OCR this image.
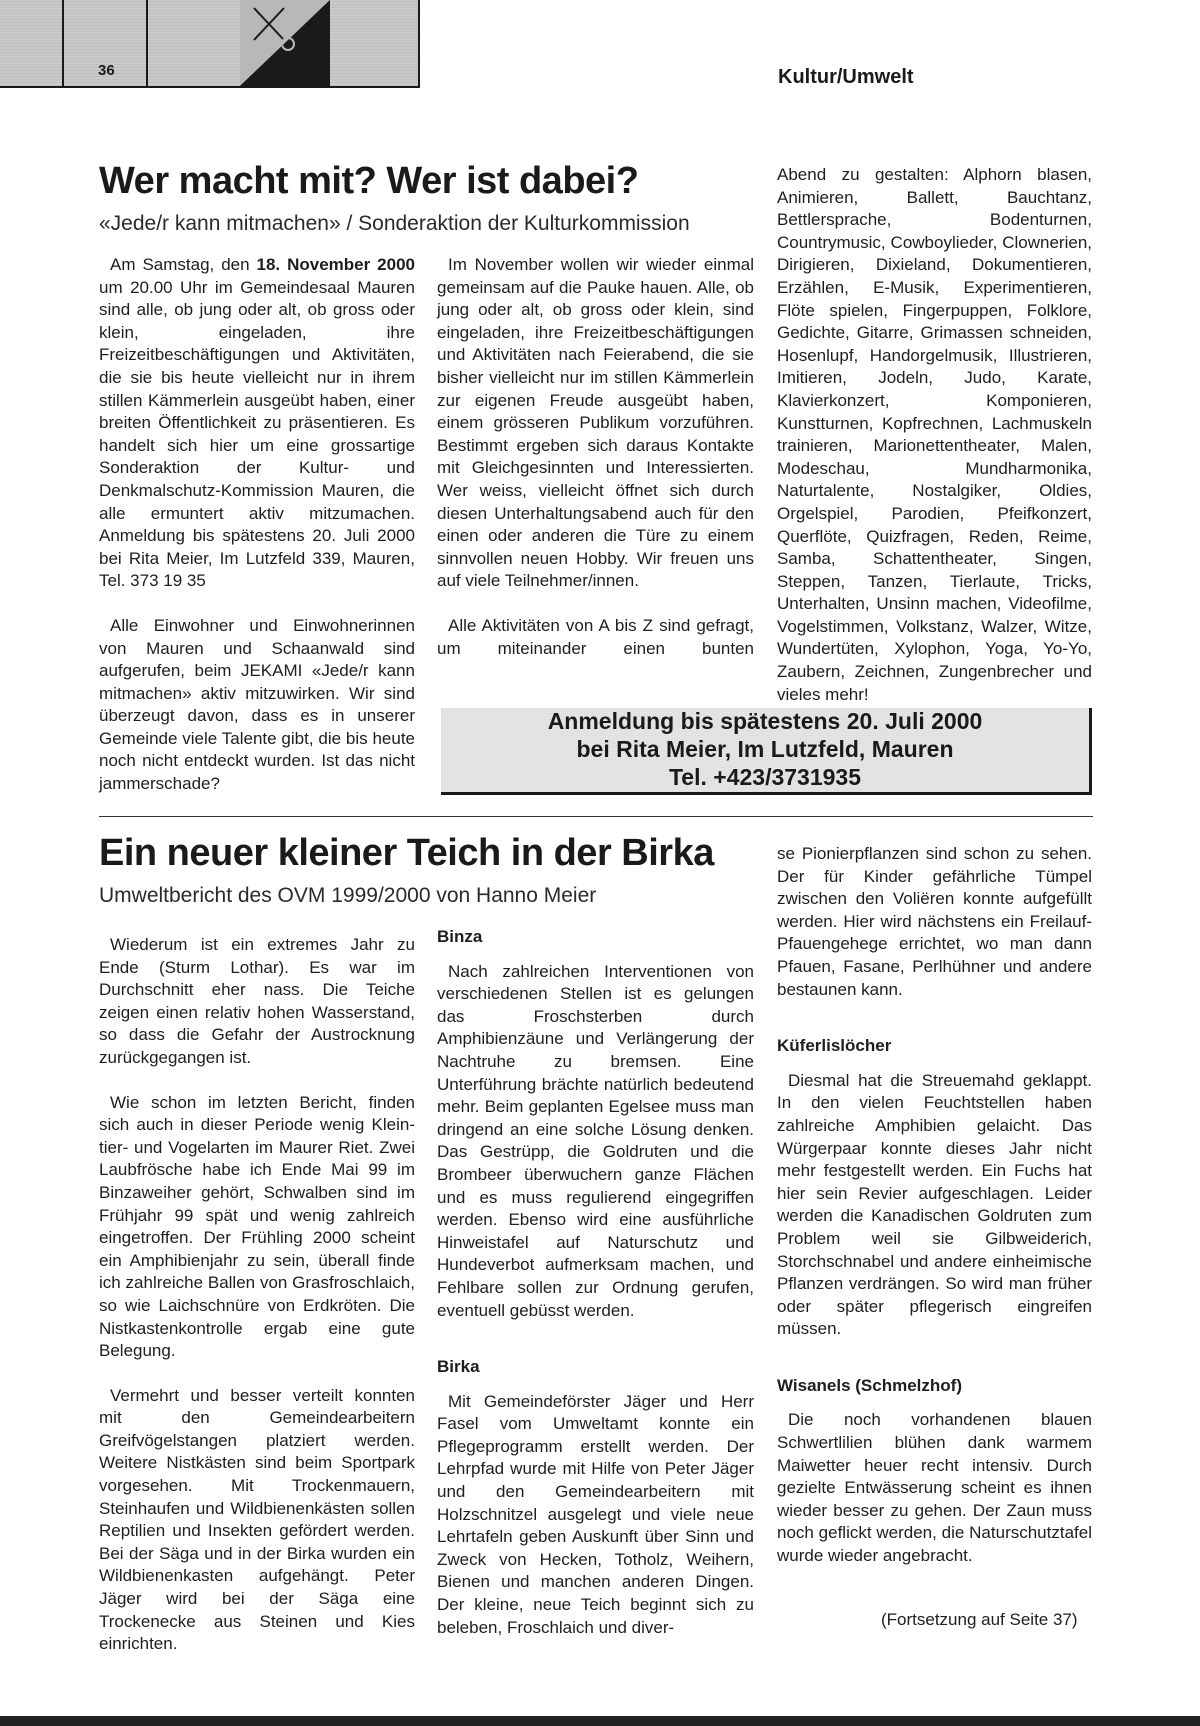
36	Kultur/Umwelt
Wer macht mit? Wer ist dabei?
«Jede/r kann mitmachen» / Sonderaktion der Kulturkommission

Am Samstag, den 18. November 2000 um 20.00 Uhr im Gemeindesaal Mauren sind alle, ob jung oder alt, ob gross oder klein, eingeladen, ihre Freizeitbeschäftigungen und Aktivitäten, die sie bis heute vielleicht nur in ihrem stillen Kämmerlein ausgeübt haben, einer breiten Öffentlichkeit zu präsentieren. Es handelt sich hier um eine grossartige Sonderaktion der Kultur- und Denkmalschutz-Kommission Mauren, die alle ermuntert aktiv mitzumachen. Anmeldung bis spätestens 20. Juli 2000 bei Rita Meier, Im Lutzfeld 339, Mauren, Tel. 373 19 35

Alle Einwohner und Einwohnerinnen von Mauren und Schaanwald sind aufgerufen, beim JEKAMI «Jede/r kann mitmachen» aktiv mitzuwirken. Wir sind überzeugt davon, dass es in unserer Gemeinde viele Talente gibt, die bis heute noch nicht entdeckt wurden. Ist das nicht jammerschade?

Im November wollen wir wieder einmal gemeinsam auf die Pauke hauen. Alle, ob jung oder alt, ob gross oder klein, sind eingeladen, ihre Freizeitbeschäftigungen und Aktivitäten nach Feierabend, die sie bisher vielleicht nur im stillen Kämmerlein zur eigenen Freude ausgeübt haben, einem grösseren Publikum vorzuführen. Bestimmt ergeben sich daraus Kontakte mit Gleichgesinnten und Interessierten. Wer weiss, vielleicht öffnet sich durch diesen Unterhaltungsabend auch für den einen oder anderen die Türe zu einem sinnvollen neuen Hobby. Wir freuen uns auf viele Teilnehmer/innen.

Alle Aktivitäten von A bis Z sind gefragt, um miteinander einen bunten

Abend zu gestalten: Alphorn blasen, Animieren, Ballett, Bauchtanz, Bettlersprache, Bodenturnen, Countrymusic, Cowboylieder, Clownerien, Dirigieren, Dixieland, Dokumentieren, Erzählen, E-Musik, Experimentieren, Flöte spielen, Fingerpuppen, Folklore, Gedichte, Gitarre, Grimassen schneiden, Hosenlupf, Handorgelmusik, Illustrieren, Imitieren, Jodeln, Judo, Karate, Klavierkonzert, Komponieren, Kunstturnen, Kopfrechnen, Lachmuskeln trainieren, Marionettentheater, Malen, Modeschau, Mundharmonika, Naturtalente, Nostalgiker, Oldies, Orgelspiel, Parodien, Pfeifkonzert, Querflöte, Quizfragen, Reden, Reime, Samba, Schattentheater, Singen, Steppen, Tanzen, Tierlaute, Tricks, Unterhalten, Unsinn machen, Videofilme, Vogelstimmen, Volkstanz, Walzer, Witze, Wundertüten, Xylophon, Yoga, Yo-Yo, Zaubern, Zeichnen, Zungenbrecher und vieles mehr!

Anmeldung bis spätestens 20. Juli 2000
bei Rita Meier, Im Lutzfeld, Mauren
Tel. +423/3731935
Ein neuer kleiner Teich in der Birka
Umweltbericht des OVM 1999/2000 von Hanno Meier

Wiederum ist ein extremes Jahr zu Ende (Sturm Lothar). Es war im Durchschnitt eher nass. Die Teiche zeigen einen relativ hohen Wasserstand, so dass die Gefahr der Austrocknung zurückgegangen ist.

Wie schon im letzten Bericht, finden sich auch in dieser Periode wenig Klein-tier- und Vogelarten im Maurer Riet. Zwei Laubfrösche habe ich Ende Mai 99 im Binzaweiher gehört, Schwalben sind im Frühjahr 99 spät und wenig zahlreich eingetroffen. Der Frühling 2000 scheint ein Amphibienjahr zu sein, überall finde ich zahlreiche Ballen von Grasfroschlaich, so wie Laichschnüre von Erdkröten. Die Nistkastenkontrolle ergab eine gute Belegung.

Vermehrt und besser verteilt konnten mit den Gemeindearbeitern Greifvögelstangen platziert werden. Weitere Nistkästen sind beim Sportpark vorgesehen. Mit Trockenmauern, Steinhaufen und Wildbienenkästen sollen Reptilien und Insekten gefördert werden. Bei der Säga und in der Birka wurden ein Wildbienenkasten aufgehängt. Peter Jäger wird bei der Säga eine Trockenecke aus Steinen und Kies einrichten.

Binza

Nach zahlreichen Interventionen von verschiedenen Stellen ist es gelungen das Froschsterben durch Amphibienzäune und Verlängerung der Nachtruhe zu bremsen. Eine Unterführung brächte natürlich bedeutend mehr. Beim geplanten Egelsee muss man dringend an eine solche Lösung denken. Das Gestrüpp, die Goldruten und die Brombeer überwuchern ganze Flächen und es muss regulierend eingegriffen werden. Ebenso wird eine ausführliche Hinweistafel auf Naturschutz und Hundeverbot aufmerksam machen, und Fehlbare sollen zur Ordnung gerufen, eventuell gebüsst werden.

Birka

Mit Gemeindeförster Jäger und Herr Fasel vom Umweltamt konnte ein Pflegeprogramm erstellt werden. Der Lehrpfad wurde mit Hilfe von Peter Jäger und den Gemeindearbeitern mit Holzschnitzel ausgelegt und viele neue Lehrtafeln geben Auskunft über Sinn und Zweck von Hecken, Totholz, Weihern, Bienen und manchen anderen Dingen. Der kleine, neue Teich beginnt sich zu beleben, Froschlaich und diver-

se Pionierpflanzen sind schon zu sehen. Der für Kinder gefährliche Tümpel zwischen den Voliëren konnte aufgefüllt werden. Hier wird nächstens ein Freilauf-Pfauengehege errichtet, wo man dann Pfauen, Fasane, Perlhühner und andere bestaunen kann.

Küferlislöcher

Diesmal hat die Streuemahd geklappt. In den vielen Feuchtstellen haben zahlreiche Amphibien gelaicht. Das Würgerpaar konnte dieses Jahr nicht mehr festgestellt werden. Ein Fuchs hat hier sein Revier aufgeschlagen. Leider werden die Kanadischen Goldruten zum Problem weil sie Gilbweiderich, Storchschnabel und andere einheimische Pflanzen verdrängen. So wird man früher oder später pflegerisch eingreifen müssen.

Wisanels (Schmelzhof)

Die noch vorhandenen blauen Schwertlilien blühen dank warmem Maiwetter heuer recht intensiv. Durch gezielte Entwässerung scheint es ihnen wieder besser zu gehen. Der Zaun muss noch geflickt werden, die Naturschutztafel wurde wieder angebracht.

(Fortsetzung auf Seite 37)
